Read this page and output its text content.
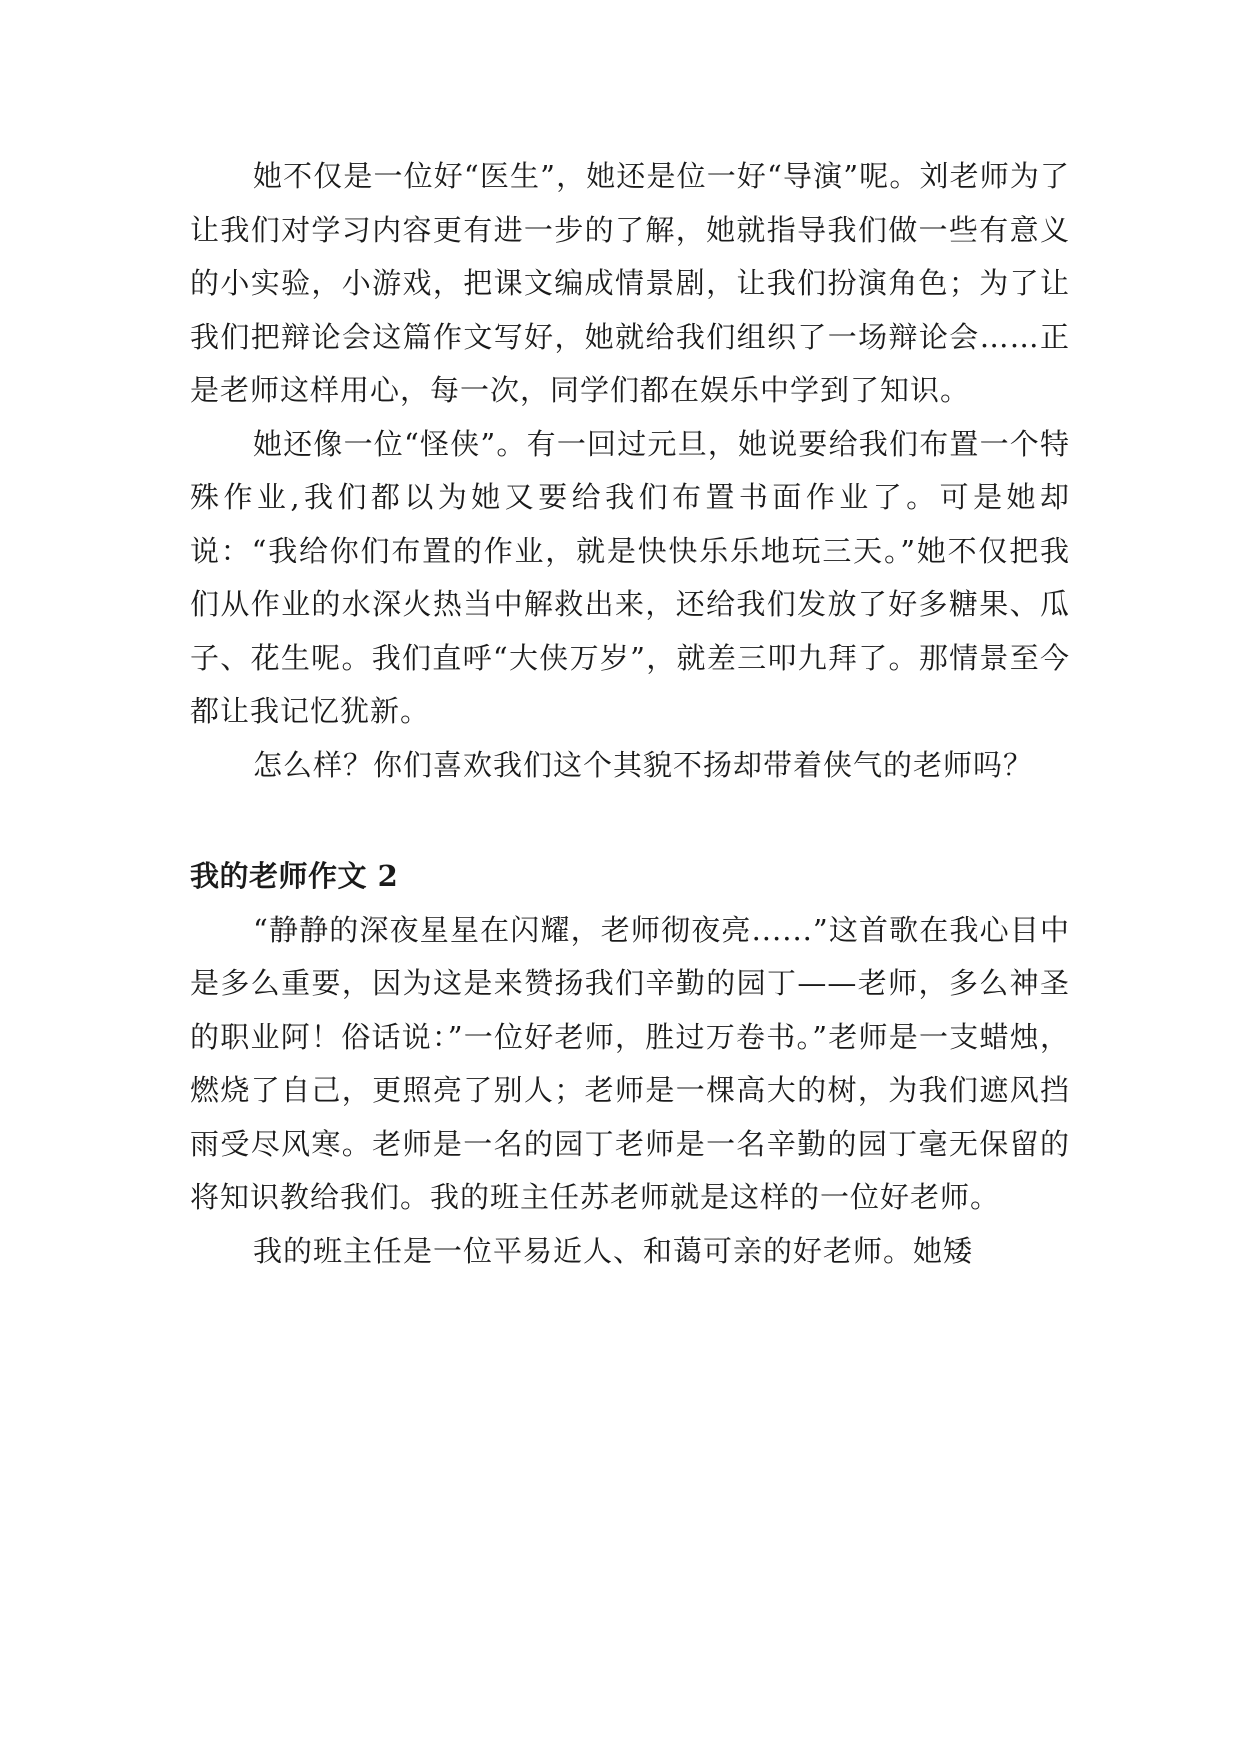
她不仅是一位好“医生”，她还是位一好“导演”呢。刘老师为了让我们对学习内容更有进一步的了解，她就指导我们做一些有意义的小实验，小游戏，把课文编成情景剧，让我们扮演角色；为了让我们把辩论会这篇作文写好，她就给我们组织了一场辩论会……正是老师这样用心，每一次，同学们都在娱乐中学到了知识。

她还像一位“怪侠”。有一回过元旦，她说要给我们布置一个特殊作业,我们都以为她又要给我们布置书面作业了。可是她却说：“我给你们布置的作业，就是快快乐乐地玩三天。”她不仅把我们从作业的水深火热当中解救出来，还给我们发放了好多糖果、瓜子、花生呢。我们直呼“大侠万岁”，就差三叩九拜了。那情景至今都让我记忆犹新。

怎么样？你们喜欢我们这个其貌不扬却带着侠气的老师吗？

我的老师作文 2

“静静的深夜星星在闪耀，老师彻夜亮......”这首歌在我心目中是多么重要，因为这是来赞扬我们辛勤的园丁——老师，多么神圣的职业阿！俗话说：”一位好老师，胜过万卷书。”老师是一支蜡烛，燃烧了自己，更照亮了别人；老师是一棵高大的树，为我们遮风挡雨受尽风寒。老师是一名的园丁老师是一名辛勤的园丁毫无保留的将知识教给我们。我的班主任苏老师就是这样的一位好老师。

我的班主任是一位平易近人、和蔼可亲的好老师。她矮
